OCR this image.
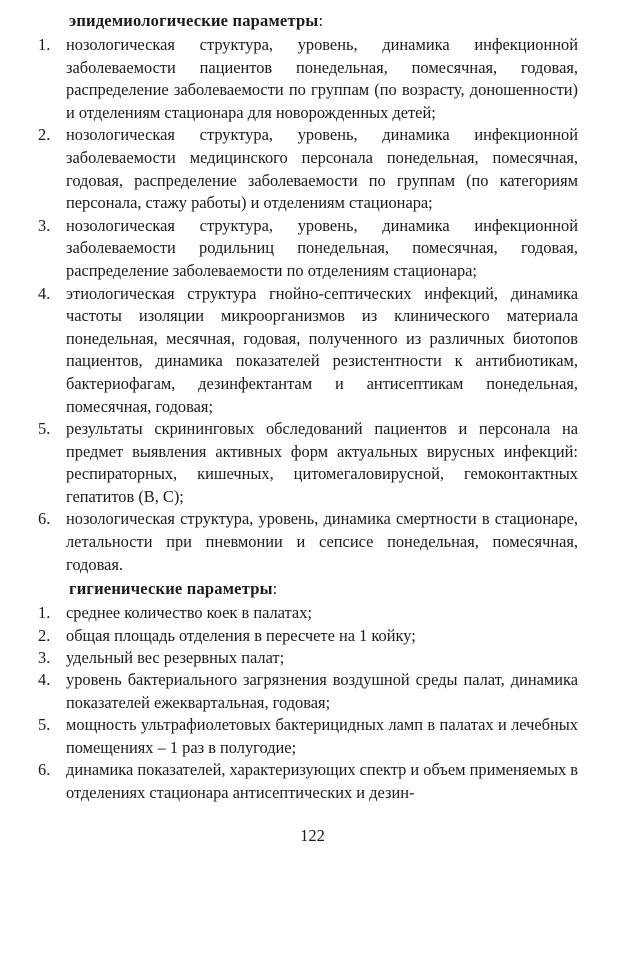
эпидемиологические параметры:
1. нозологическая структура, уровень, динамика инфекционной заболеваемости пациентов понедельная, помесячная, годовая, распределение заболеваемости по группам (по возрасту, доношенности) и отделениям стационара для новорожденных детей;
2. нозологическая структура, уровень, динамика инфекционной заболеваемости медицинского персонала понедельная, помесячная, годовая, распределение заболеваемости по группам (по категориям персонала, стажу работы) и отделениям стационара;
3. нозологическая структура, уровень, динамика инфекционной заболеваемости родильниц понедельная, помесячная, годовая, распределение заболеваемости по отделениям стационара;
4. этиологическая структура гнойно-септических инфекций, динамика частоты изоляции микроорганизмов из клинического материала понедельная, месячная, годовая, полученного из различных биотопов пациентов, динамика показателей резистентности к антибиотикам, бактериофагам, дезинфектантам и антисептикам понедельная, помесячная, годовая;
5. результаты скрининговых обследований пациентов и персонала на предмет выявления активных форм актуальных вирусных инфекций: респираторных, кишечных, цитомегаловирусной, гемоконтактных гепатитов (В, С);
6. нозологическая структура, уровень, динамика смертности в стационаре, летальности при пневмонии и сепсисе понедельная, помесячная, годовая.
гигиенические параметры:
1. среднее количество коек в палатах;
2. общая площадь отделения в пересчете на 1 койку;
3. удельный вес резервных палат;
4. уровень бактериального загрязнения воздушной среды палат, динамика показателей ежеквартальная, годовая;
5. мощность ультрафиолетовых бактерицидных ламп в палатах и лечебных помещениях – 1 раз в полугодие;
6. динамика показателей, характеризующих спектр и объем применяемых в отделениях стационара антисептических и дезин-
122
